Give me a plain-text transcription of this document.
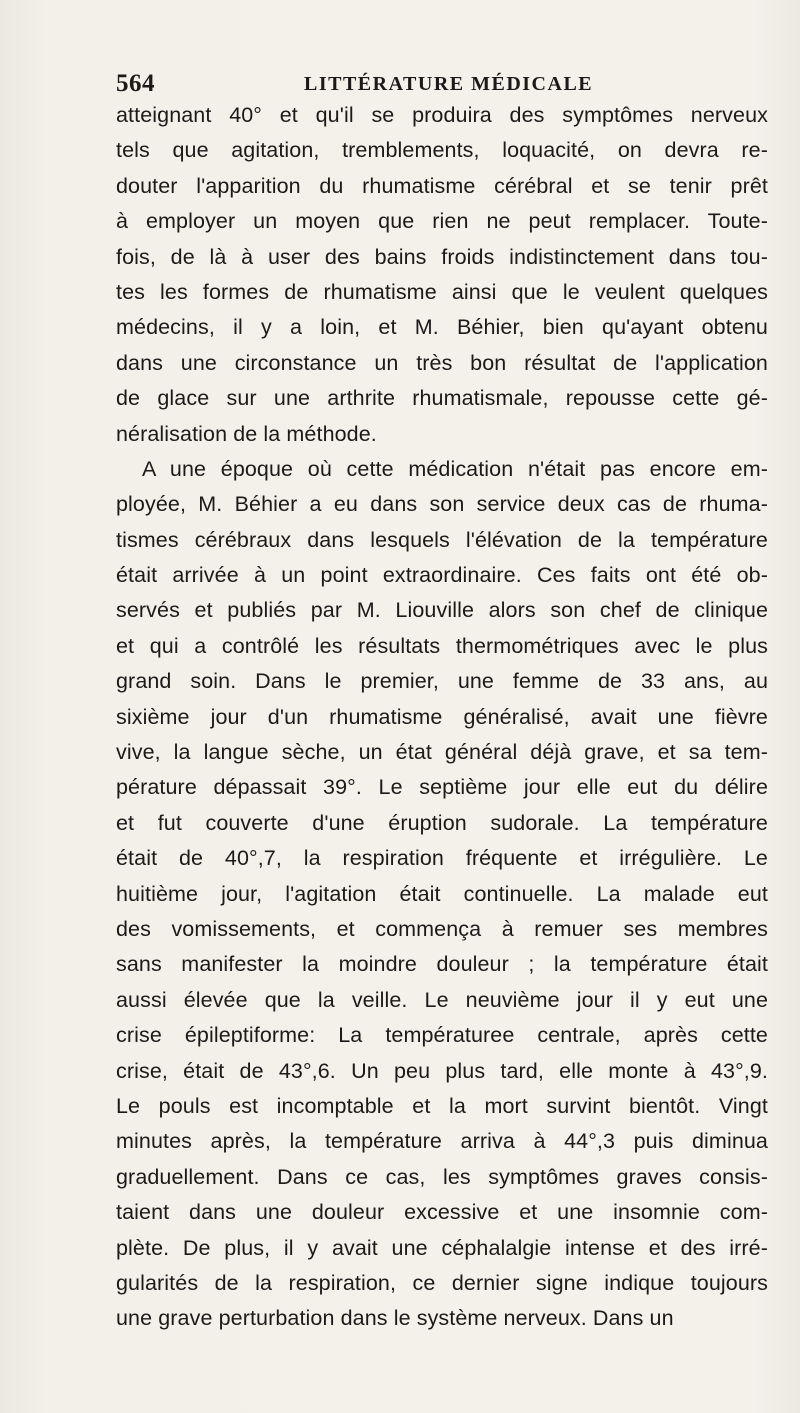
564	LITTÉRATURE MÉDICALE
atteignant 40° et qu'il se produira des symptômes nerveux
tels que agitation, tremblements, loquacité, on devra re-
douter l'apparition du rhumatisme cérébral et se tenir prêt
à employer un moyen que rien ne peut remplacer. Toute-
fois, de là à user des bains froids indistinctement dans tou-
tes les formes de rhumatisme ainsi que le veulent quelques
médecins, il y a loin, et M. Béhier, bien qu'ayant obtenu
dans une circonstance un très bon résultat de l'application
de glace sur une arthrite rhumatismale, repousse cette gé-
néralisation de la méthode.
A une époque où cette médication n'était pas encore em-
ployée, M. Béhier a eu dans son service deux cas de rhuma-
tismes cérébraux dans lesquels l'élévation de la température
était arrivée à un point extraordinaire. Ces faits ont été ob-
servés et publiés par M. Liouville alors son chef de clinique
et qui a contrôlé les résultats thermométriques avec le plus
grand soin. Dans le premier, une femme de 33 ans, au
sixième jour d'un rhumatisme généralisé, avait une fièvre
vive, la langue sèche, un état général déjà grave, et sa tem-
pérature dépassait 39°. Le septième jour elle eut du délire
et fut couverte d'une éruption sudorale. La température
était de 40°,7, la respiration fréquente et irrégulière. Le
huitième jour, l'agitation était continuelle. La malade eut
des vomissements, et commença à remuer ses membres
sans manifester la moindre douleur ; la température était
aussi élevée que la veille. Le neuvième jour il y eut une
crise épileptiforme: La températuree centrale, après cette
crise, était de 43°,6. Un peu plus tard, elle monte à 43°,9.
Le pouls est incomptable et la mort survint bientôt. Vingt
minutes après, la température arriva à 44°,3 puis diminua
graduellement. Dans ce cas, les symptômes graves consis-
taient dans une douleur excessive et une insomnie com-
plète. De plus, il y avait une céphalalgie intense et des irré-
gularités de la respiration, ce dernier signe indique toujours
une grave perturbation dans le système nerveux. Dans un
